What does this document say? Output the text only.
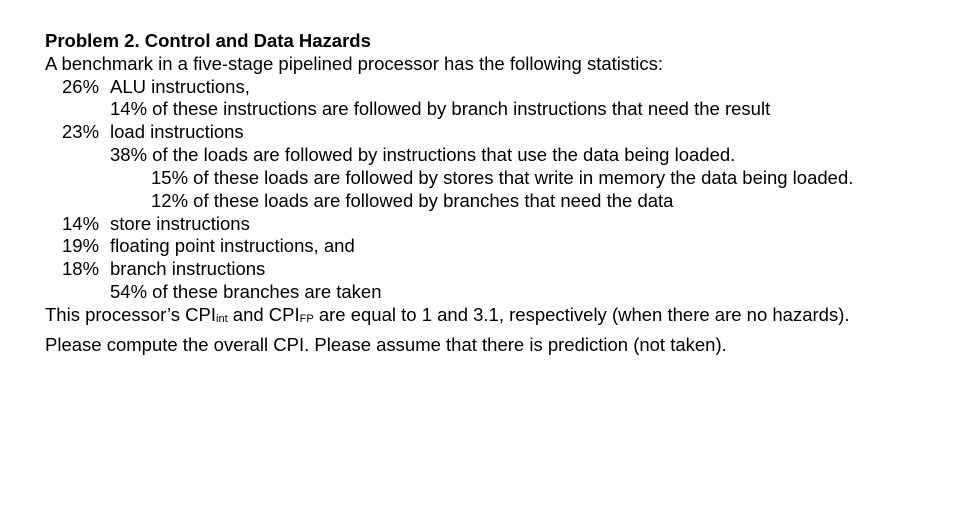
Problem 2. Control and Data Hazards
A benchmark in a five-stage pipelined processor has the following statistics:
26% ALU instructions,
14% of these instructions are followed by branch instructions that need the result
23% load instructions
38% of the loads are followed by instructions that use the data being loaded.
15% of these loads are followed by stores that write in memory the data being loaded.
12% of these loads are followed by branches that need the data
14% store instructions
19% floating point instructions, and
18% branch instructions
54% of these branches are taken
This processor’s $CPI_{int}$ and $CPI_{FP}$ are equal to 1 and 3.1, respectively (when there are no hazards).
Please compute the overall CPI. Please assume that there is prediction (not taken).
